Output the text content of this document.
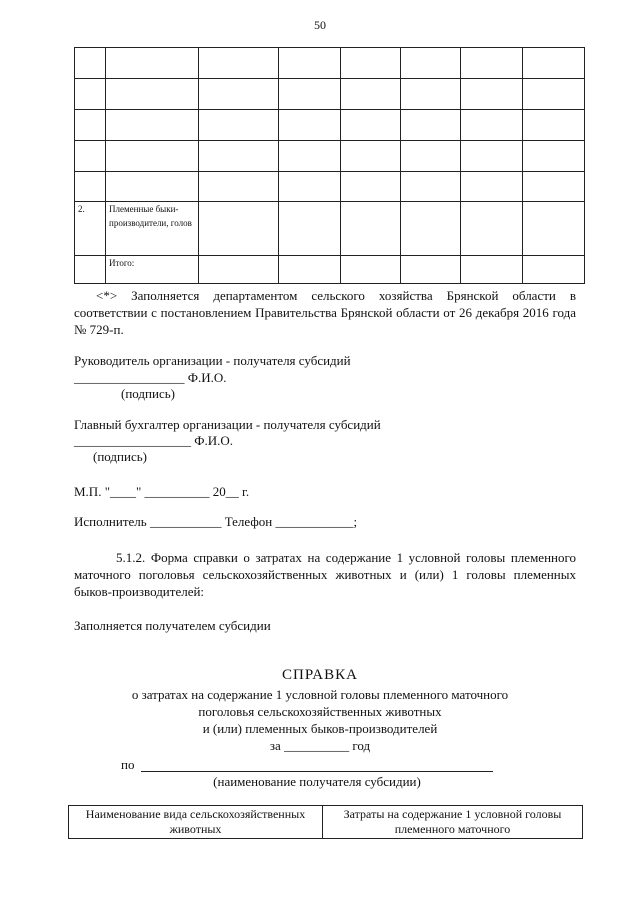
50

2.	Племенные быки-производители, голов						
	Итого:						
<*> Заполняется департаментом сельского хозяйства Брянской области в соответствии с постановлением Правительства Брянской области от 26 декабря 2016 года № 729-п.
Руководитель организации - получателя субсидий
_________________ Ф.И.О.
(подпись)
Главный бухгалтер организации - получателя субсидий
__________________ Ф.И.О.
(подпись)
М.П. "____" __________ 20__ г.
Исполнитель ___________ Телефон ____________;
5.1.2. Форма справки о затратах на содержание 1 условной головы племенного маточного поголовья сельскохозяйственных животных и (или) 1 головы племенных быков-производителей:
Заполняется получателем субсидии
СПРАВКА
о затратах на содержание 1 условной головы племенного маточного
поголовья сельскохозяйственных животных
и (или) племенных быков-производителей
за __________ год
по
(наименование получателя субсидии)
Наименование вида сельскохозяйственных животных	Затраты на содержание 1 условной головы племенного маточного
